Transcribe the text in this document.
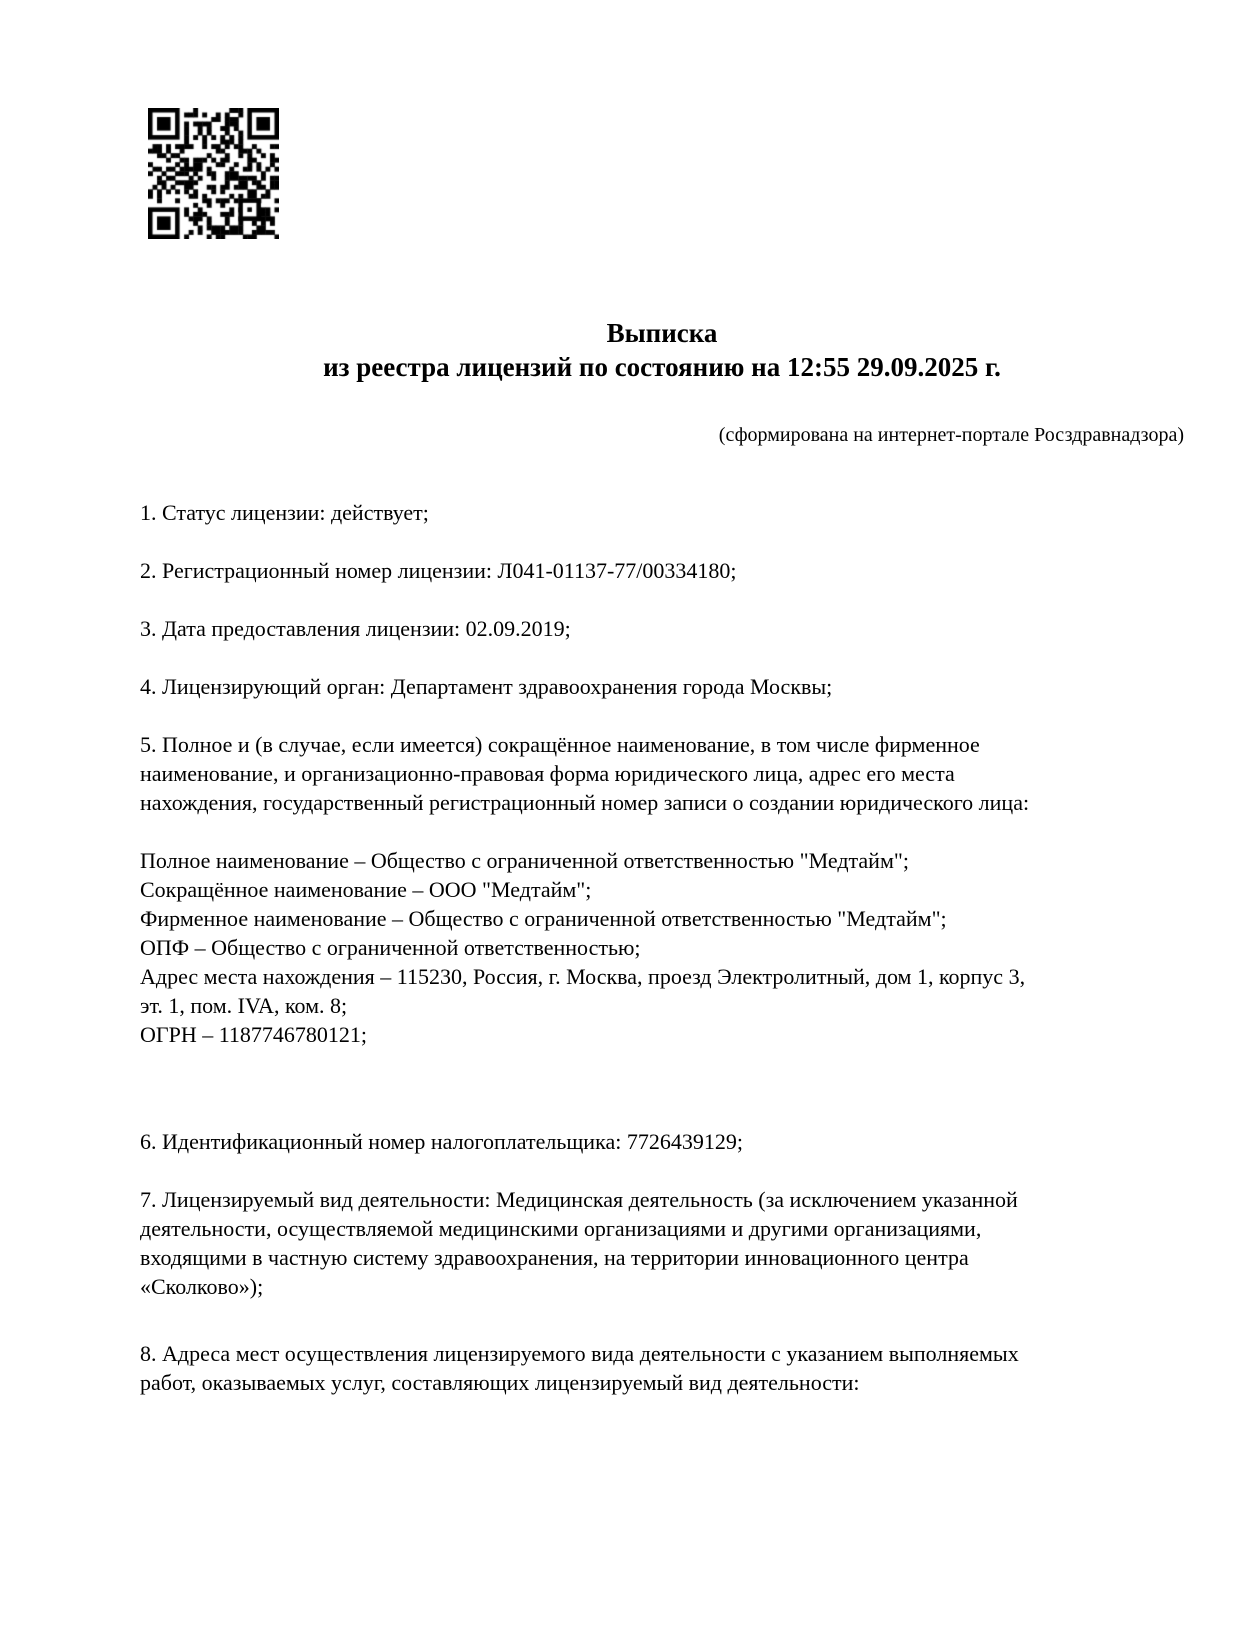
Выписка
из реестра лицензий по состоянию на 12:55 29.09.2025 г.
(сформирована на интернет-портале Росздравнадзора)
1. Статус лицензии: действует;
2. Регистрационный номер лицензии: Л041-01137-77/00334180;
3. Дата предоставления лицензии: 02.09.2019;
4. Лицензирующий орган: Департамент здравоохранения города Москвы;
5. Полное и (в случае, если имеется) сокращённое наименование, в том числе фирменное
наименование, и организационно-правовая форма юридического лица, адрес его места
нахождения, государственный регистрационный номер записи о создании юридического лица:
Полное наименование – Общество с ограниченной ответственностью "Медтайм";
Сокращённое наименование – ООО "Медтайм";
Фирменное наименование – Общество с ограниченной ответственностью "Медтайм";
ОПФ – Общество с ограниченной ответственностью;
Адрес места нахождения – 115230, Россия, г. Москва, проезд Электролитный, дом 1, корпус 3,
эт. 1, пом. IVA, ком. 8;
ОГРН – 1187746780121;
6. Идентификационный номер налогоплательщика: 7726439129;
7. Лицензируемый вид деятельности: Медицинская деятельность (за исключением указанной
деятельности, осуществляемой медицинскими организациями и другими организациями,
входящими в частную систему здравоохранения, на территории инновационного центра
«Сколково»);
8. Адреса мест осуществления лицензируемого вида деятельности с указанием выполняемых
работ, оказываемых услуг, составляющих лицензируемый вид деятельности:
